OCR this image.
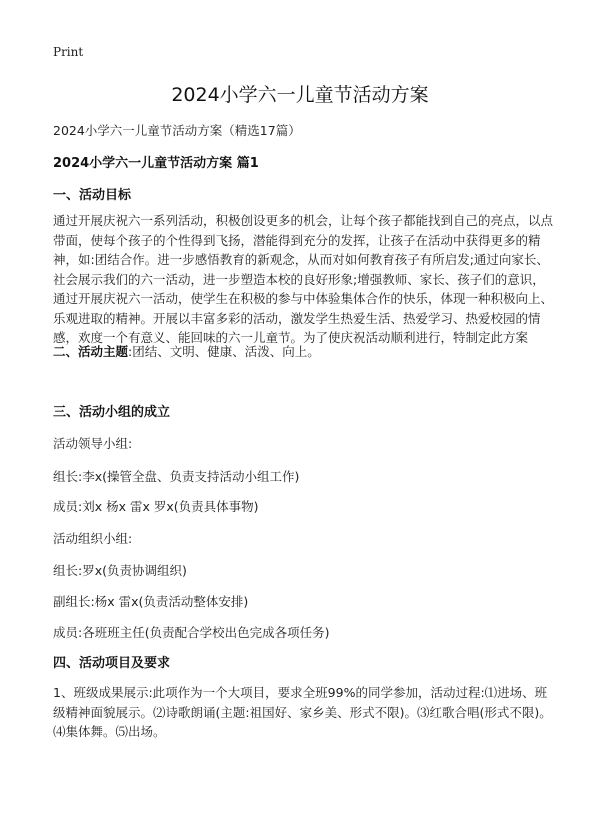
Print
2024小学六一儿童节活动方案
2024小学六一儿童节活动方案（精选17篇）
2024小学六一儿童节活动方案 篇1
一、活动目标
通过开展庆祝六一系列活动，积极创设更多的机会，让每个孩子都能找到自己的亮点，以点带面，使每个孩子的个性得到飞扬，潜能得到充分的发挥，让孩子在活动中获得更多的精神，如:团结合作。进一步感悟教育的新观念，从而对如何教育孩子有所启发;通过向家长、社会展示我们的六一活动，进一步塑造本校的良好形象;增强教师、家长、孩子们的意识，通过开展庆祝六一活动，使学生在积极的参与中体验集体合作的快乐，体现一种积极向上、乐观进取的精神。开展以丰富多彩的活动，激发学生热爱生活、热爱学习、热爱校园的情感，欢度一个有意义、能回味的六一儿童节。为了使庆祝活动顺利进行，特制定此方案
二、活动主题:团结、文明、健康、活泼、向上。
三、活动小组的成立
活动领导小组:
组长:李x(操管全盘、负责支持活动小组工作)
成员:刘x 杨x 雷x 罗x(负责具体事物)
活动组织小组:
组长:罗x(负责协调组织)
副组长:杨x 雷x(负责活动整体安排)
成员:各班班主任(负责配合学校出色完成各项任务)
四、活动项目及要求
1、班级成果展示:此项作为一个大项目，要求全班99%的同学参加，活动过程:⑴进场、班级精神面貌展示。⑵诗歌朗诵(主题:祖国好、家乡美、形式不限)。⑶红歌合唱(形式不限)。⑷集体舞。⑸出场。
